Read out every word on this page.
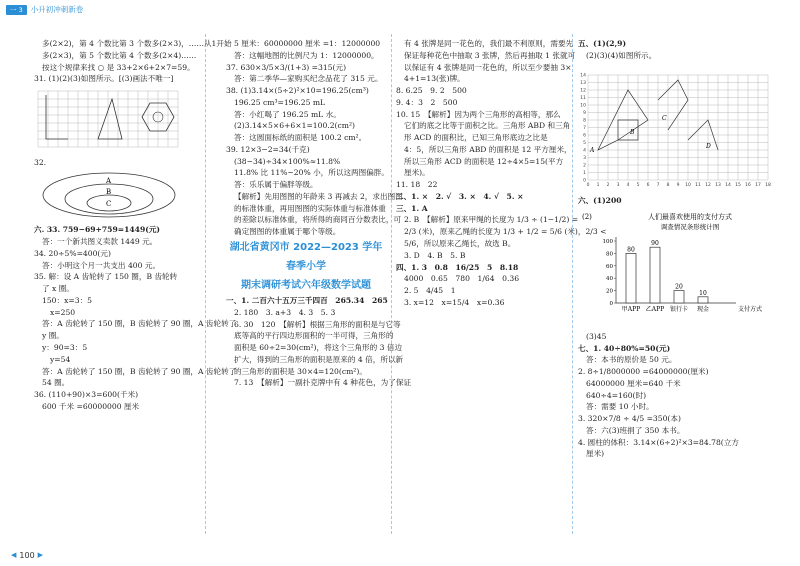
一 3	小升初冲刺新卷
多(2×2)，第 4 个数比第 3 个数多(2×3)，……从1开始
多(2×3)，第 5 个数比第 4 个数多(2×4)……
按这个规律来找 ○ 是 33+2×6+2×7=59。
31. (1)(2)(3)如图所示。[(3)画法不唯一]
32.
A
B
C
六. 33. 759−69+759=1449(元)
答：一个新共图义卖款 1449 元。
34. 20÷5%=400(元)
答：小明这个月一共支出 400 元。
35. 解：设 A 齿轮转了 150 圈，B 齿轮转
了 x 圈。
150：x=3：5
x=250
答：A 齿轮转了 150 圈，B 齿轮转了 90 圈，A 齿轮转了
y 圈。
y：90=3：5
y=54
答：A 齿轮转了 150 圈，B 齿轮转了 90 圈，A 齿轮转了
54 圈。
36. (110+90)×3=600(千米)
600 千米 =60000000 厘米
5 厘米：60000000 厘米 =1：12000000
答：这幅地图的比例尺为 1：12000000。
37. 630×3/5×3/(1+3) =315(元)
答：第二季华—家购买纪念品花了 315 元。
38. (1)3.14×(5÷2)²×10=196.25(cm³)
196.25 cm³=196.25 mL
答：小红喝了 196.25 mL 水。
(2)3.14×5×6+6×1=100.2(cm²)
答：这圆面标纸的面积是 100.2 cm²。
39. 12×3−2=34(千克)
(38−34)÷34×100%≈11.8%
11.8% 比 11%~20% 小，所以这两图偏胖。
答：乐乐属于偏胖等级。
【解析】先用图图的年龄来 3 再减去 2，求出图图
的标准体重，再用图图的实际体重与标准体重
的差除以标准体重，将所得的商同百分数表比，可
确定图图的体重属于哪个等级。
湖北省黄冈市 2022—2023 学年春季小学
期末调研考试六年级数学试题
一、1. 二百六十五万三千四百　265.34　265
2. 180　3. a+3　4. 3　5. 3
6. 30　120　【解析】根据三角形的面积是与它等
底等高的平行四边形面积的一半可得，三角形的
面积是 60÷2=30(cm²)，将这个三角形的 3 倍边
扩大，得到的三角形的面积是原来的 4 倍，所以新
的三角形的面积是 30×4=120(cm²)。
7. 13　【解析】一副扑克牌中有 4 种花色，为了保证
有 4 张牌是同一花色的，我们最不利原则，需要先
保证每种花色中抽取 3 张牌，然后再抽取 1 张就可
以保证有 4 张牌是同一花色的，所以至少要抽 3×
4+1=13(张)牌。
8. 6.25　9. 2　500
9. 4：3　2　500
10. 15　【解析】因为两个三角形的高相等，那么
它们的底之比等于面积之比。三角形 ABD 和三角
形 ACD 的面积比，已知三角形底边之比是
4：5，所以三角形 ABD 的面积是 12 平方厘米，
所以三角形 ACD 的面积是 12÷4×5=15(平方
厘米)。
11. 18　22
二、1. ×　2. √　3. ×　4. √　5. ×
三、1. A
2. B　【解析】原来甲绳的长度为 1/3 ÷ (1−1/2) =
2/3 (米)，原来乙绳的长度为 1/3 + 1/2 = 5/6 (米)，2/3 <
5/6，所以原来乙绳长，故选 B。
3. D　4. B　5. B
四、1. 3　0.8　16/25　5　8.18
4000　0.65　780　1/64　0.36
2. 5　4/45　1
3. x=12　x=15/4　x=0.36
五、(1)(2,9)
(2)(3)(4)如图所示。
0 1 2 3 4 5 6 7 8 9 10 11 12 13 14 15 16 17 18
0
1
2
3
4
5
6
7
8
9
10
11
12
13
14
A
B
C
D
六、(1)200
(2)	人们最喜欢使用的支付方式
调查情况条形统计图
0
20
40
60
80
100
80
甲APP
90
乙APP
20
银行卡
10
现金	支付方式
(3)45
七、1. 40÷80%=50(元)
答：本书的原价是 50 元。
2. 8÷1/8000000 =64000000(厘米)
64000000 厘米=640 千米
640÷4=160(时)
答：需要 10 小时。
3. 320×7/8 ÷ 4/5 =350(本)
答：六(3)班捐了 350 本书。
4. 圆柱的体积：3.14×(6÷2)²×3=84.78(立方
厘米)
◀ 100 ▶
